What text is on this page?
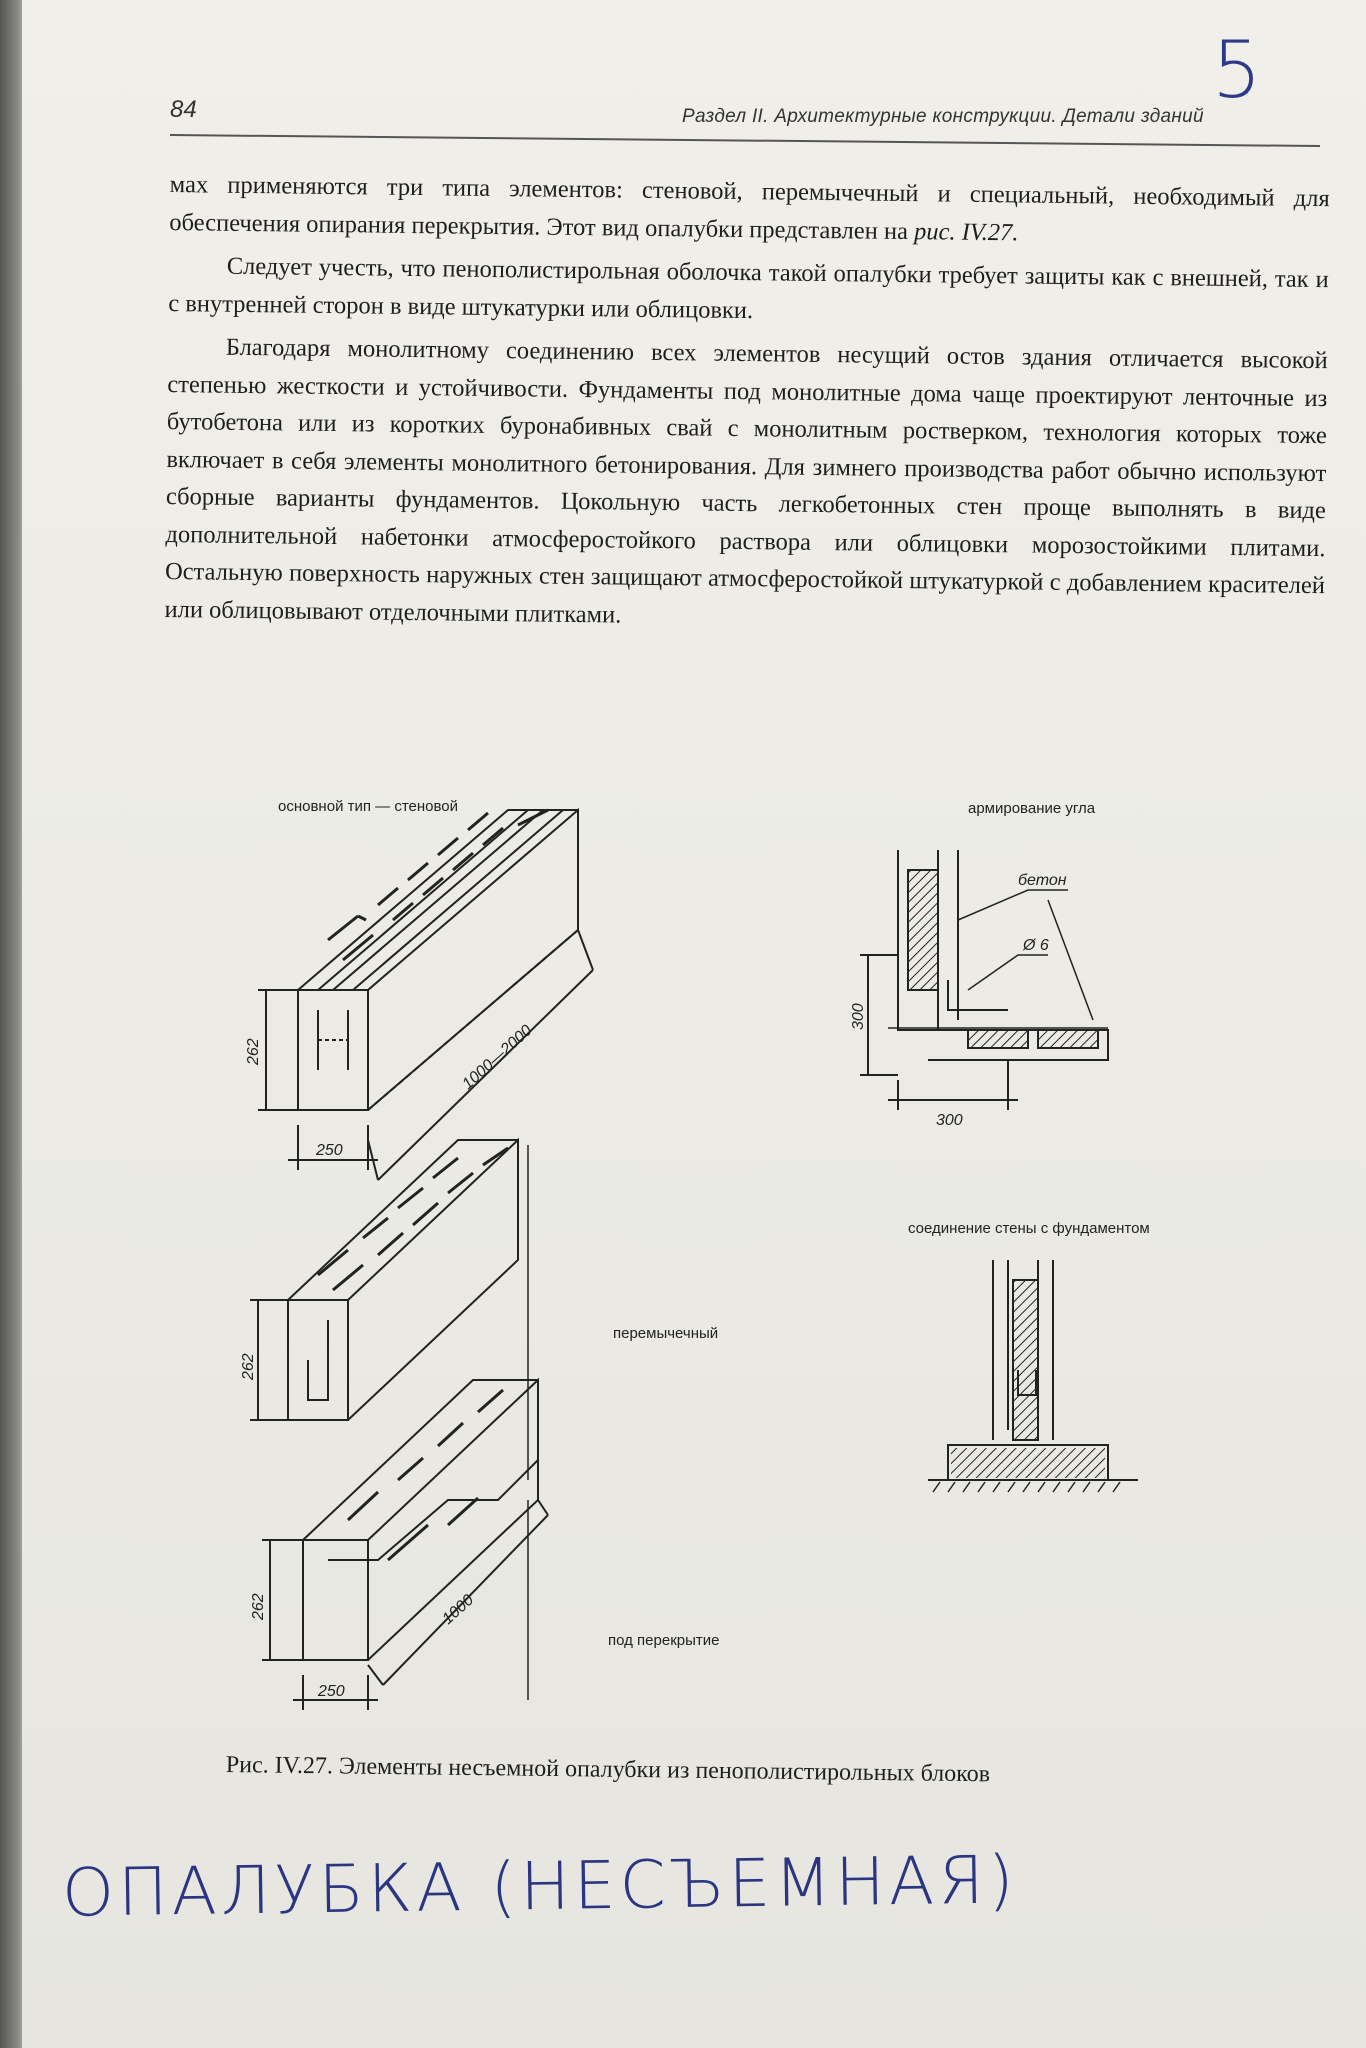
84	Раздел II. Архитектурные конструкции. Детали зданий
5

мах применяются три типа элементов: стеновой, перемычечный и специальный, необходимый для обеспечения опирания перекрытия. Этот вид опалубки представлен на рис. IV.27.

Следует учесть, что пенополистирольная оболочка такой опалубки требует защиты как с внешней, так и с внутренней сторон в виде штукатурки или облицовки.

Благодаря монолитному соединению всех элементов несущий остов здания отличается высокой степенью жесткости и устойчивости. Фундаменты под монолитные дома чаще проектируют ленточные из бутобетона или из коротких буронабивных свай с монолитным ростверком, технология которых тоже включает в себя элементы монолитного бетонирования. Для зимнего производства работ обычно используют сборные варианты фундаментов. Цокольную часть легкобетонных стен проще выполнять в виде дополнительной набетонки атмосферостойкого раствора или облицовки морозостойкими плитами. Остальную поверхность наружных стен защищают атмосферостойкой штукатуркой с добавлением красителей или облицовывают отделочными плитками.

262
250
1000—2000
262
262
250
1000
300
300
бетон
Ø 6
основной тип — стеновой
перемычечный
под перекрытие
армирование угла
соединение стены с фундаментом
Рис. IV.27. Элементы несъемной опалубки из пенополистирольных блоков
ОПАЛУБКА (НЕСЪЕМНАЯ)
